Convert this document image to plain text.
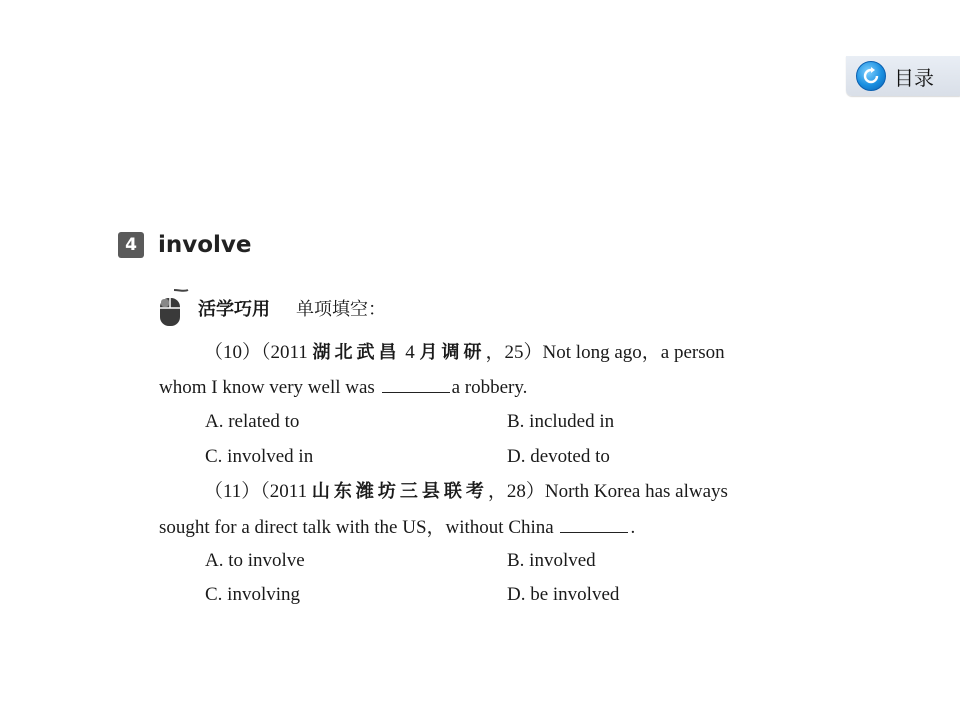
目录
4 involve
活学巧用 单项填空：
（10）（2011 湖北武昌 4 月调研，25）Not long ago，a person
whom I know very well was	a robbery.
A. related to	B. included in
C. involved in	D. devoted to
（11）（2011 山东潍坊三县联考，28）North Korea has always
sought for a direct talk with the US，without China	.
A. to involve	B. involved
C. involving	D. be involved
